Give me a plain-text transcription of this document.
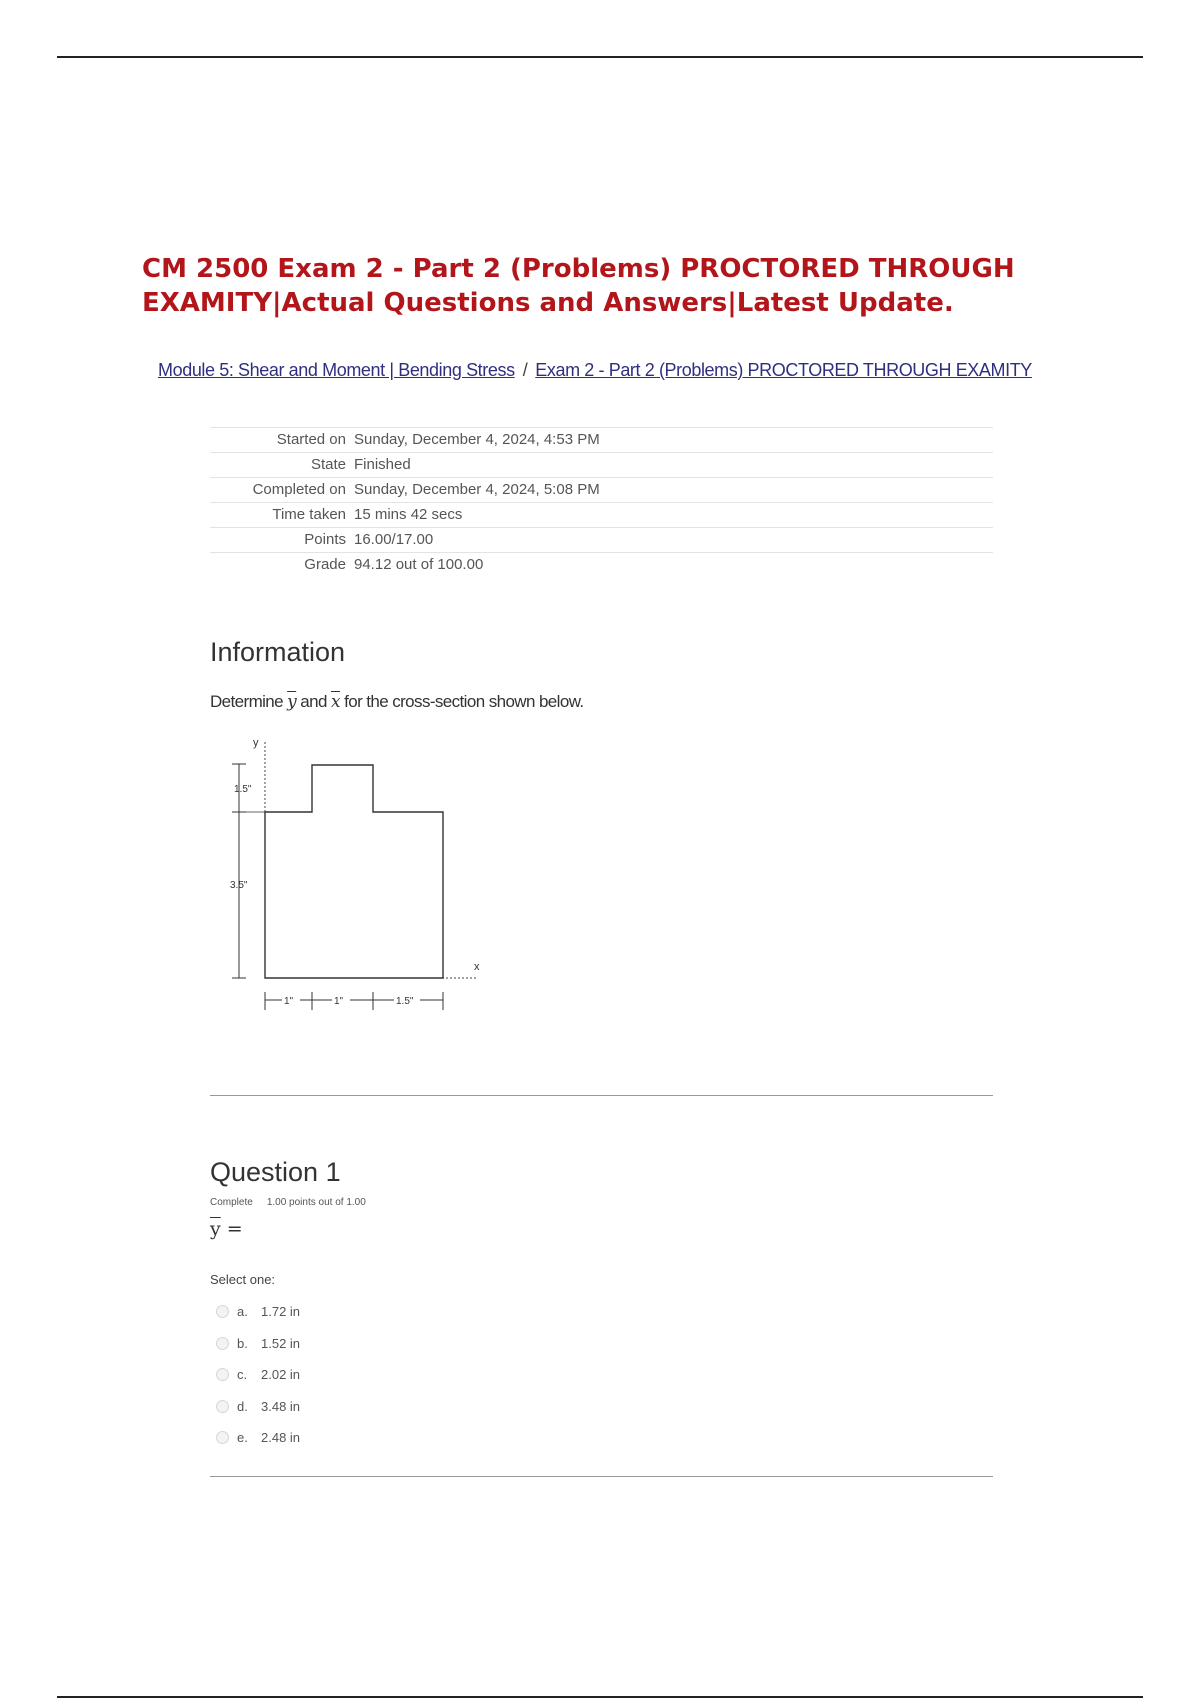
CM 2500 Exam 2 - Part 2 (Problems) PROCTORED THROUGH
EXAMITY|Actual Questions and Answers|Latest Update.
Module 5: Shear and Moment | Bending Stress / Exam 2 - Part 2 (Problems) PROCTORED THROUGH EXAMITY
Started on Sunday, December 4, 2024, 4:53 PM
State Finished
Completed on Sunday, December 4, 2024, 5:08 PM
Time taken 15 mins 42 secs
Points 16.00/17.00
Grade 94.12 out of 100.00
Information
Determine $\overline{y}$ and $\overline{x}$ for the cross-section shown below.
y
x
1.5"
3.5"
1"	1"	1.5"
Question 1
Complete 1.00 points out of 1.00
$\overline{y}$ =
Select one:
a.	1.72 in
b.	1.52 in
c.	2.02 in
d.	3.48 in
e.	2.48 in
